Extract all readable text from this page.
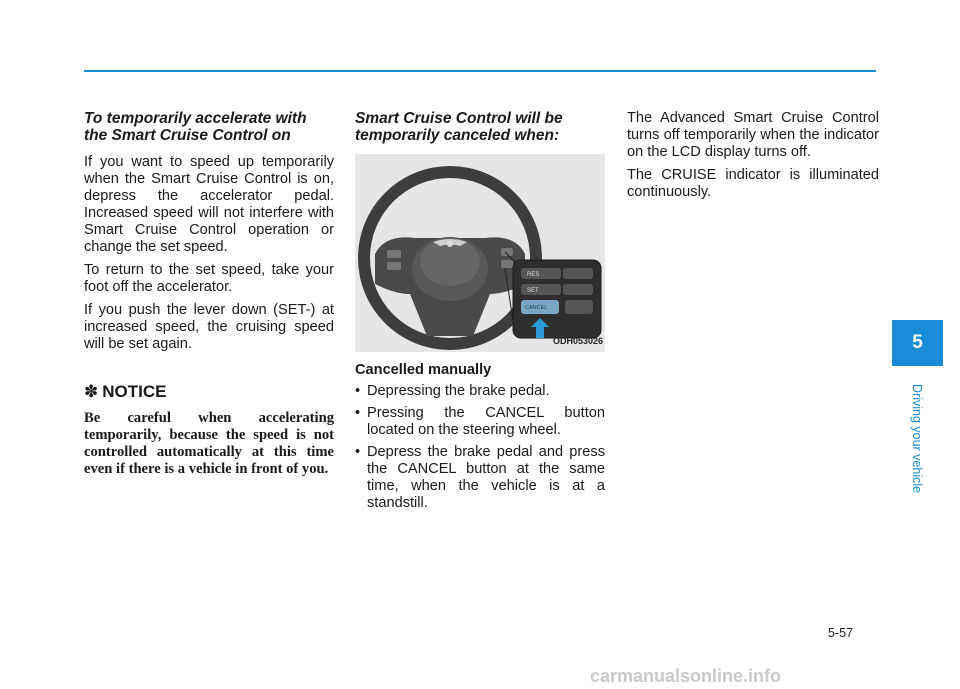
To temporarily accelerate with the Smart Cruise Control on

If you want to speed up temporarily when the Smart Cruise Control is on, depress the accelerator pedal. Increased speed will not interfere with Smart Cruise Control operation or change the set speed.

To return to the set speed, take your foot off the accelerator.

If you push the lever down (SET-) at increased speed, the cruising speed will be set again.

✽ NOTICE

Be careful when accelerating temporarily, because the speed is not controlled automatically at this time even if there is a vehicle in front of you.

Smart Cruise Control will be temporarily canceled when:

RES
SET
CANCEL
ODH053026

Cancelled manually

• Depressing the brake pedal.
• Pressing the CANCEL button located on the steering wheel.
• Depress the brake pedal and press the CANCEL button at the same time, when the vehicle is at a standstill.

The Advanced Smart Cruise Control turns off temporarily when the indicator on the LCD display turns off.

The CRUISE indicator is illuminated continuously.

5
Driving your vehicle
5-57
carmanualsonline.info
